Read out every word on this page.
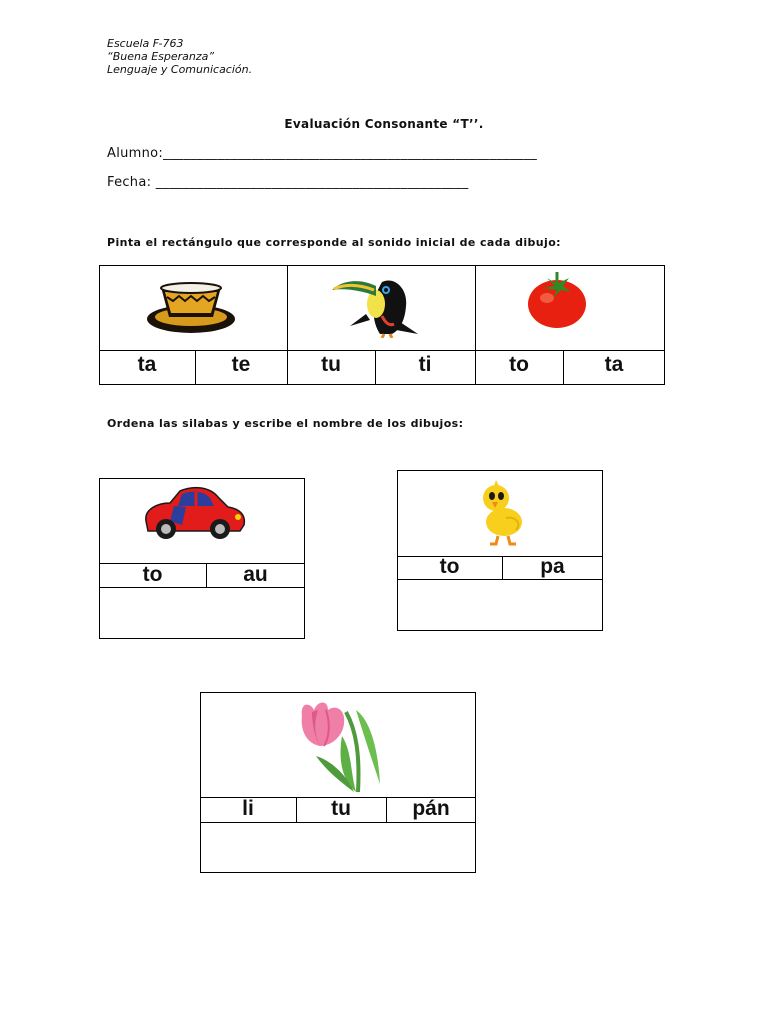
Escuela F-763
“Buena Esperanza”
Lenguaje y Comunicación.
Evaluación Consonante “T’’.
Alumno:_______________________________________________________
Fecha: ______________________________________________
Pinta el rectángulo que corresponde al sonido inicial de cada dibujo:
ta	te	tu	ti	to	ta
Ordena las silabas y escribe el nombre de los dibujos:
to	au	to	pa
li	tu	pán
